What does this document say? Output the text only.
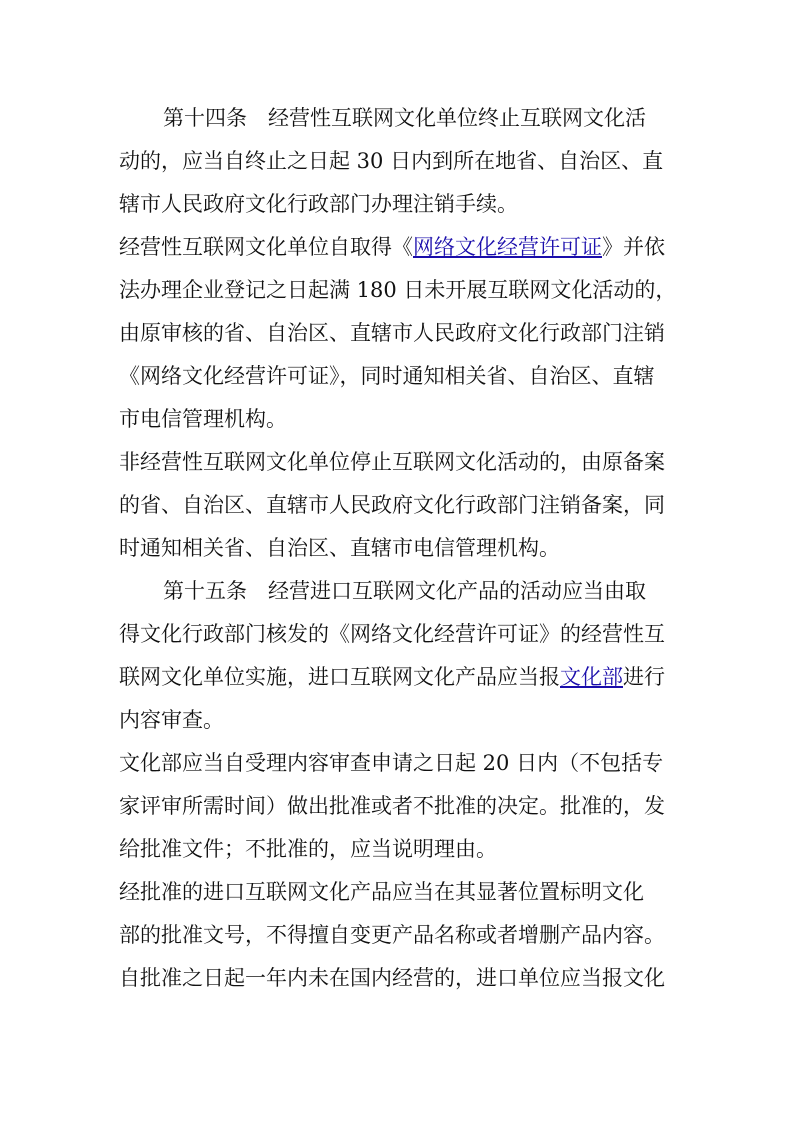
第十四条　经营性互联网文化单位终止互联网文化活
动的，应当自终止之日起 30 日内到所在地省、自治区、直
辖市人民政府文化行政部门办理注销手续。
经营性互联网文化单位自取得《网络文化经营许可证》并依
法办理企业登记之日起满 180 日未开展互联网文化活动的，
由原审核的省、自治区、直辖市人民政府文化行政部门注销
《网络文化经营许可证》，同时通知相关省、自治区、直辖
市电信管理机构。
非经营性互联网文化单位停止互联网文化活动的，由原备案
的省、自治区、直辖市人民政府文化行政部门注销备案，同
时通知相关省、自治区、直辖市电信管理机构。
第十五条　经营进口互联网文化产品的活动应当由取
得文化行政部门核发的《网络文化经营许可证》的经营性互
联网文化单位实施，进口互联网文化产品应当报文化部进行
内容审查。
文化部应当自受理内容审查申请之日起 20 日内（不包括专
家评审所需时间）做出批准或者不批准的决定。批准的，发
给批准文件；不批准的，应当说明理由。
经批准的进口互联网文化产品应当在其显著位置标明文化
部的批准文号，不得擅自变更产品名称或者增删产品内容。
自批准之日起一年内未在国内经营的，进口单位应当报文化
